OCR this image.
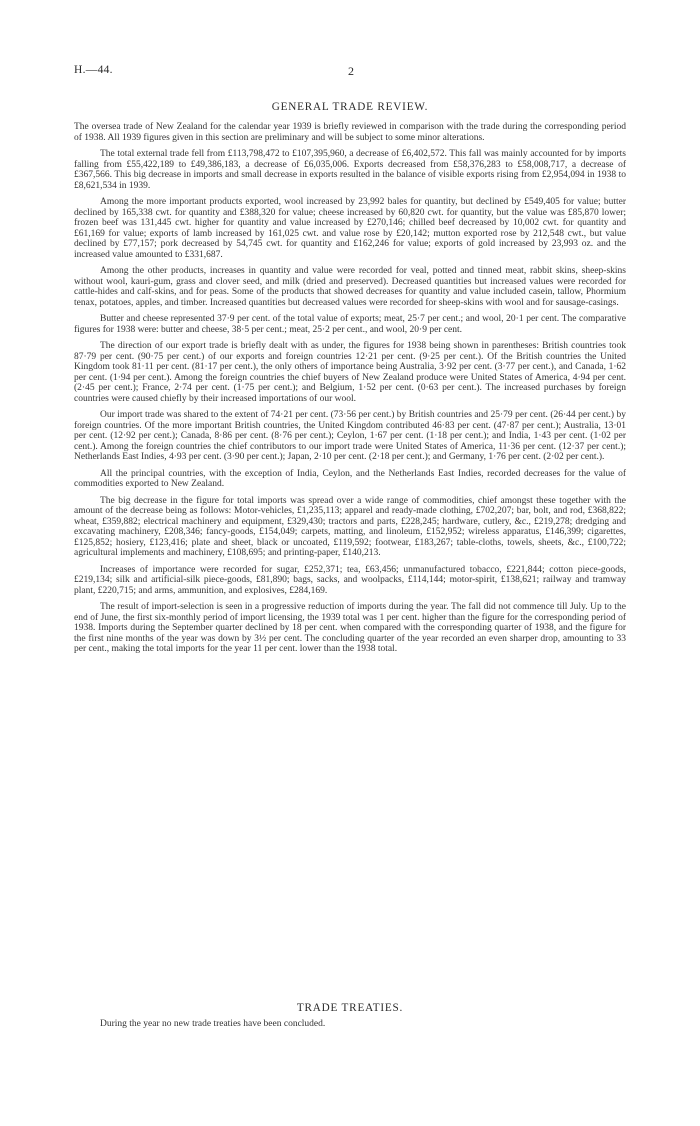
H.—44.	2
GENERAL TRADE REVIEW.

The oversea trade of New Zealand for the calendar year 1939 is briefly reviewed in comparison with the trade during the corresponding period of 1938. All 1939 figures given in this section are preliminary and will be subject to some minor alterations.

The total external trade fell from £113,798,472 to £107,395,960, a decrease of £6,402,572. This fall was mainly accounted for by imports falling from £55,422,189 to £49,386,183, a decrease of £6,035,006. Exports decreased from £58,376,283 to £58,008,717, a decrease of £367,566. This big decrease in imports and small decrease in exports resulted in the balance of visible exports rising from £2,954,094 in 1938 to £8,621,534 in 1939.

Among the more important products exported, wool increased by 23,992 bales for quantity, but declined by £549,405 for value; butter declined by 165,338 cwt. for quantity and £388,320 for value; cheese increased by 60,820 cwt. for quantity, but the value was £85,870 lower; frozen beef was 131,445 cwt. higher for quantity and value increased by £270,146; chilled beef decreased by 10,002 cwt. for quantity and £61,169 for value; exports of lamb increased by 161,025 cwt. and value rose by £20,142; mutton exported rose by 212,548 cwt., but value declined by £77,157; pork decreased by 54,745 cwt. for quantity and £162,246 for value; exports of gold increased by 23,993 oz. and the increased value amounted to £331,687.

Among the other products, increases in quantity and value were recorded for veal, potted and tinned meat, rabbit skins, sheep-skins without wool, kauri-gum, grass and clover seed, and milk (dried and preserved). Decreased quantities but increased values were recorded for cattle-hides and calf-skins, and for peas. Some of the products that showed decreases for quantity and value included casein, tallow, Phormium tenax, potatoes, apples, and timber. Increased quantities but decreased values were recorded for sheep-skins with wool and for sausage-casings.

Butter and cheese represented 37·9 per cent. of the total value of exports; meat, 25·7 per cent.; and wool, 20·1 per cent. The comparative figures for 1938 were: butter and cheese, 38·5 per cent.; meat, 25·2 per cent., and wool, 20·9 per cent.

The direction of our export trade is briefly dealt with as under, the figures for 1938 being shown in parentheses: British countries took 87·79 per cent. (90·75 per cent.) of our exports and foreign countries 12·21 per cent. (9·25 per cent.). Of the British countries the United Kingdom took 81·11 per cent. (81·17 per cent.), the only others of importance being Australia, 3·92 per cent. (3·77 per cent.), and Canada, 1·62 per cent. (1·94 per cent.). Among the foreign countries the chief buyers of New Zealand produce were United States of America, 4·94 per cent. (2·45 per cent.); France, 2·74 per cent. (1·75 per cent.); and Belgium, 1·52 per cent. (0·63 per cent.). The increased purchases by foreign countries were caused chiefly by their increased importations of our wool.

Our import trade was shared to the extent of 74·21 per cent. (73·56 per cent.) by British countries and 25·79 per cent. (26·44 per cent.) by foreign countries. Of the more important British countries, the United Kingdom contributed 46·83 per cent. (47·87 per cent.); Australia, 13·01 per cent. (12·92 per cent.); Canada, 8·86 per cent. (8·76 per cent.); Ceylon, 1·67 per cent. (1·18 per cent.); and India, 1·43 per cent. (1·02 per cent.). Among the foreign countries the chief contributors to our import trade were United States of America, 11·36 per cent. (12·37 per cent.); Netherlands East Indies, 4·93 per cent. (3·90 per cent.); Japan, 2·10 per cent. (2·18 per cent.); and Germany, 1·76 per cent. (2·02 per cent.).

All the principal countries, with the exception of India, Ceylon, and the Netherlands East Indies, recorded decreases for the value of commodities exported to New Zealand.

The big decrease in the figure for total imports was spread over a wide range of commodities, chief amongst these together with the amount of the decrease being as follows: Motor-vehicles, £1,235,113; apparel and ready-made clothing, £702,207; bar, bolt, and rod, £368,822; wheat, £359,882; electrical machinery and equipment, £329,430; tractors and parts, £228,245; hardware, cutlery, &c., £219,278; dredging and excavating machinery, £208,346; fancy-goods, £154,049; carpets, matting, and linoleum, £152,952; wireless apparatus, £146,399; cigarettes, £125,852; hosiery, £123,416; plate and sheet, black or uncoated, £119,592; footwear, £183,267; table-cloths, towels, sheets, &c., £100,722; agricultural implements and machinery, £108,695; and printing-paper, £140,213.

Increases of importance were recorded for sugar, £252,371; tea, £63,456; unmanufactured tobacco, £221,844; cotton piece-goods, £219,134; silk and artificial-silk piece-goods, £81,890; bags, sacks, and woolpacks, £114,144; motor-spirit, £138,621; railway and tramway plant, £220,715; and arms, ammunition, and explosives, £284,169.

The result of import-selection is seen in a progressive reduction of imports during the year. The fall did not commence till July. Up to the end of June, the first six-monthly period of import licensing, the 1939 total was 1 per cent. higher than the figure for the corresponding period of 1938. Imports during the September quarter declined by 18 per cent. when compared with the corresponding quarter of 1938, and the figure for the first nine months of the year was down by 3½ per cent. The concluding quarter of the year recorded an even sharper drop, amounting to 33 per cent., making the total imports for the year 11 per cent. lower than the 1938 total.

TRADE TREATIES.

During the year no new trade treaties have been concluded.
